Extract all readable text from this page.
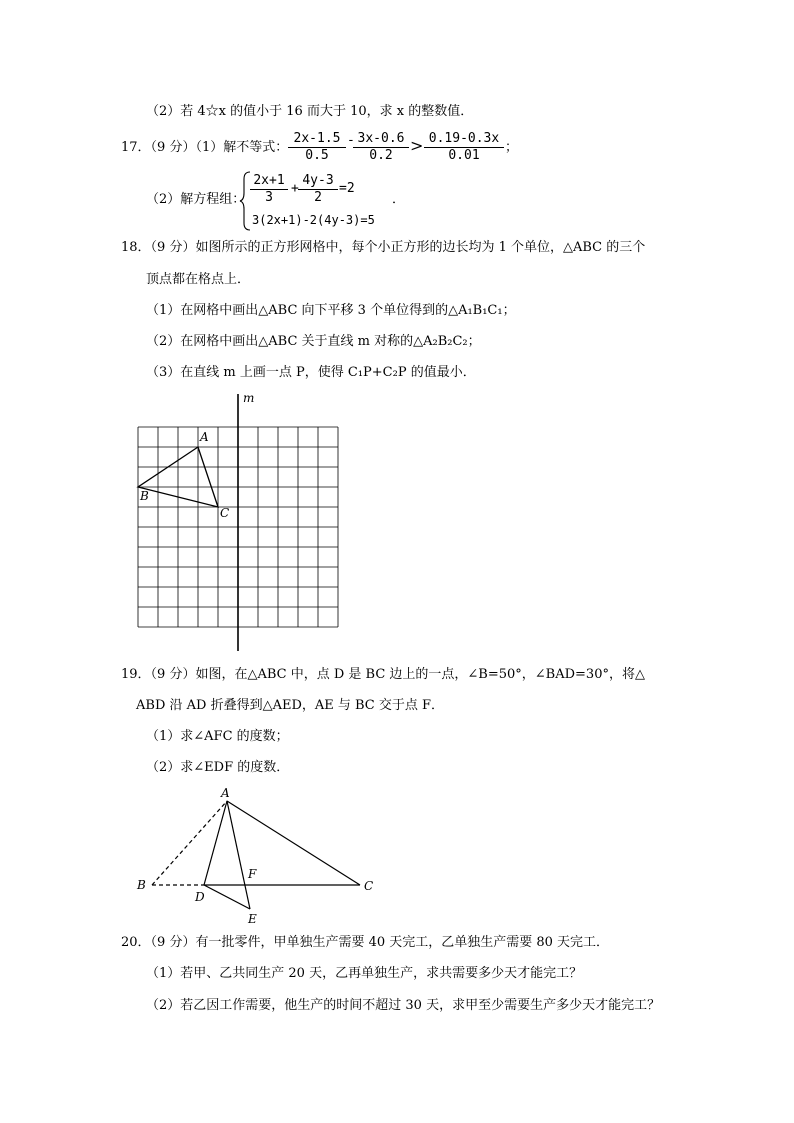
（2）若 4☆x 的值小于 16 而大于 10，求 x 的整数值．
17．（9 分）（1）解不等式： $\frac{2x-1.5}{0.5}$ -
$\frac{3x-0.6}{0.2} > \frac{0.19-0.3x}{0.01}$ ；
（2）解方程组： $\frac{2x+1}{3} + \frac{4y-3}{2} =2$
3(2x+1)-2(4y-3)=5
．
18．（9 分）如图所示的正方形网格中，每个小正方形的边长均为 1 个单位，△ABC 的三个
顶点都在格点上．
（1）在网格中画出△ABC 向下平移 3 个单位得到的△A₁B₁C₁；
（2）在网格中画出△ABC 关于直线 m 对称的△A₂B₂C₂；
（3）在直线 m 上画一点 P，使得 C₁P+C₂P 的值最小．
m
A
B
C
19．（9 分）如图，在△ABC 中，点 D 是 BC 边上的一点，∠B=50°，∠BAD=30°，将△
ABD 沿 AD 折叠得到△AED，AE 与 BC 交于点 F．
（1）求∠AFC 的度数；
（2）求∠EDF 的度数．
A
B	C
D
E
F
20．（9 分）有一批零件，甲单独生产需要 40 天完工，乙单独生产需要 80 天完工．
（1）若甲、乙共同生产 20 天，乙再单独生产，求共需要多少天才能完工？
（2）若乙因工作需要，他生产的时间不超过 30 天，求甲至少需要生产多少天才能完工？
